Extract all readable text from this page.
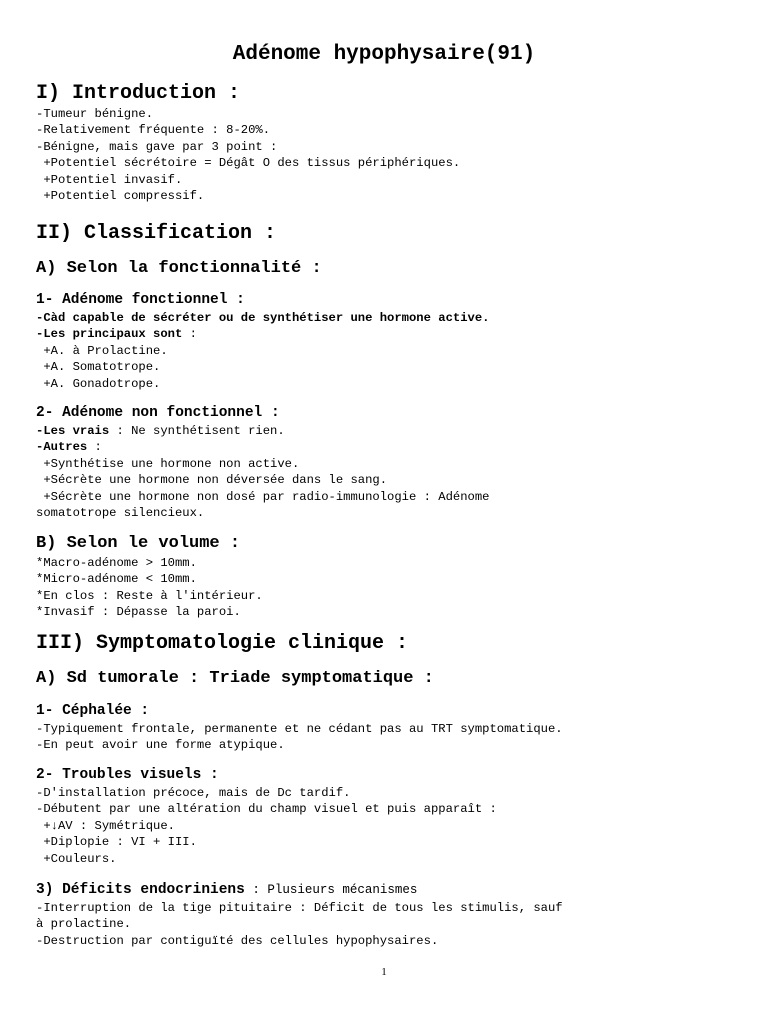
Adénome hypophysaire(91)
I) Introduction :
-Tumeur bénigne.
-Relativement fréquente : 8-20%.
-Bénigne, mais gave par 3 point :
+Potentiel sécrétoire = Dégât O des tissus périphériques.
+Potentiel invasif.
+Potentiel compressif.
II) Classification :
A) Selon la fonctionnalité :
1- Adénome fonctionnel :
-Càd capable de sécréter ou de synthétiser une hormone active.
-Les principaux sont :
+A. à Prolactine.
+A. Somatotrope.
+A. Gonadotrope.
2- Adénome non fonctionnel :
-Les vrais : Ne synthétisent rien.
-Autres :
+Synthétise une hormone non active.
+Sécrète une hormone non déversée dans le sang.
+Sécrète une hormone non dosé par radio-immunologie : Adénome
somatotrope silencieux.
B) Selon le volume :
*Macro-adénome > 10mm.
*Micro-adénome < 10mm.
*En clos : Reste à l'intérieur.
*Invasif : Dépasse la paroi.
III) Symptomatologie clinique :
A) Sd tumorale : Triade symptomatique :
1- Céphalée :
-Typiquement frontale, permanente et ne cédant pas au TRT symptomatique.
-En peut avoir une forme atypique.
2- Troubles visuels :
-D'installation précoce, mais de Dc tardif.
-Débutent par une altération du champ visuel et puis apparaît :
+↓AV : Symétrique.
+Diplopie : VI + III.
+Couleurs.
3) Déficits endocriniens : Plusieurs mécanismes
-Interruption de la tige pituitaire : Déficit de tous les stimulis, sauf
à prolactine.
-Destruction par contiguïté des cellules hypophysaires.
1
